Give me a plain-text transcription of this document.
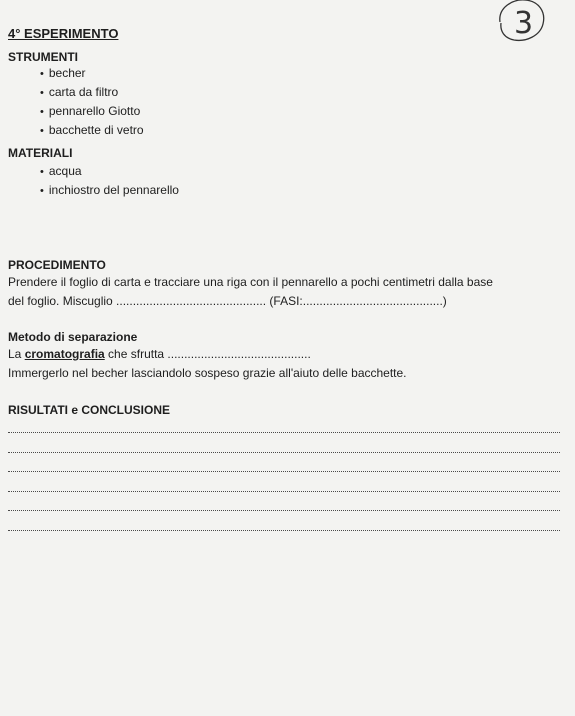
3
4° ESPERIMENTO
STRUMENTI
• becher
• carta da filtro
• pennarello Giotto
• bacchette di vetro
MATERIALI
• acqua
• inchiostro del pennarello
PROCEDIMENTO

Prendere il foglio di carta e tracciare una riga con il pennarello a pochi centimetri dalla base
del foglio. Miscuglio ............................................. (FASI:..........................................)

Metodo di separazione

La cromatografia che sfrutta ...........................................
Immergerlo nel becher lasciandolo sospeso grazie all'aiuto delle bacchette.

RISULTATI e CONCLUSIONE
